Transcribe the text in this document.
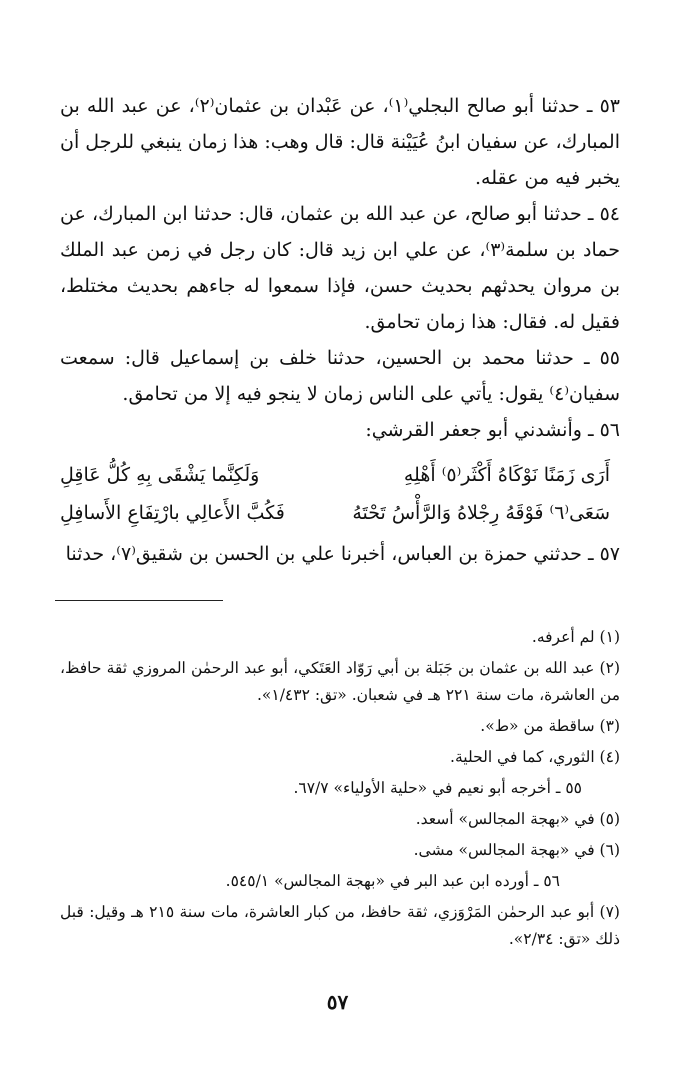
٥٣ ـ حدثنا أبو صالح البجلي⁽١⁾، عن عَبْدان بن عثمان⁽٢⁾، عن عبد الله بن المبارك، عن سفيان ابنُ عُيَيْنة قال: قال وهب: هذا زمان ينبغي للرجل أن يخبر فيه من عقله.

٥٤ ـ حدثنا أبو صالح، عن عبد الله بن عثمان، قال: حدثنا ابن المبارك، عن حماد بن سلمة⁽٣⁾، عن علي ابن زيد قال: كان رجل في زمن عبد الملك بن مروان يحدثهم بحديث حسن، فإذا سمعوا له جاءهم بحديث مختلط، فقيل له. فقال: هذا زمان تحامق.

٥٥ ـ حدثنا محمد بن الحسين، حدثنا خلف بن إسماعيل قال: سمعت سفيان⁽٤⁾ يقول: يأتي على الناس زمان لا ينجو فيه إلا من تحامق.

٥٦ ـ وأنشدني أبو جعفر القرشي:

أَرَى زَمَنًا نَوْكَاهُ أَكْثَر⁽٥⁾ أَهْلِهِ
وَلَكِنَّما يَشْقَى بِهِ كُلُّ عَاقِلِ
سَعَى⁽٦⁾ فَوْقَهُ رِجْلاهُ وَالرَّأْسُ تَحْتَهُ
فَكُبَّ الأَعالِي بارْتِفَاعِ الأَسافِلِ

٥٧ ـ حدثني حمزة بن العباس، أخبرنا علي بن الحسن بن شقيق⁽٧⁾، حدثنا

(١) لم أعرفه.

(٢) عبد الله بن عثمان بن جَبَلة بن أبي رَوّاد العَتَكي، أبو عبد الرحمٰن المروزي ثقة حافظ، من العاشرة، مات سنة ٢٢١ هـ في شعبان. «تق: ١/٤٣٢».

(٣) ساقطة من «ط».

(٤) الثوري، كما في الحلية.

٥٥ ـ أخرجه أبو نعيم في «حلية الأولياء» ٦٧/٧.

(٥) في «بهجة المجالس» أسعد.

(٦) في «بهجة المجالس» مشى.

٥٦ ـ أورده ابن عبد البر في «بهجة المجالس» ٥٤٥/١.

(٧) أبو عبد الرحمٰن المَرْوَزي، ثقة حافظ، من كبار العاشرة، مات سنة ٢١٥ هـ وقيل: قبل ذلك «تق: ٢/٣٤».

٥٧
